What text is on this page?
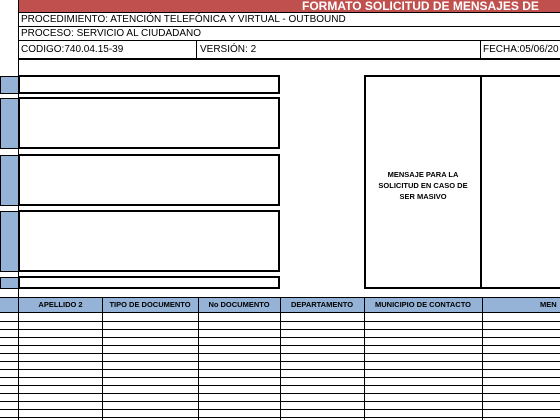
FORMATO SOLICITUD DE MENSAJES DE
PROCEDIMIENTO: ATENCIÓN TELEFÓNICA Y VIRTUAL - OUTBOUND
PROCESO: SERVICIO AL CIUDADANO
CODIGO:740.04.15-39	VERSIÓN: 2	FECHA:05/06/20
MENSAJE PARA LA SOLICITUD EN CASO DE SER MASIVO
APELLIDO 2	TIPO DE DOCUMENTO	No DOCUMENTO	DEPARTAMENTO	MUNICIPIO DE CONTACTO	MEN
